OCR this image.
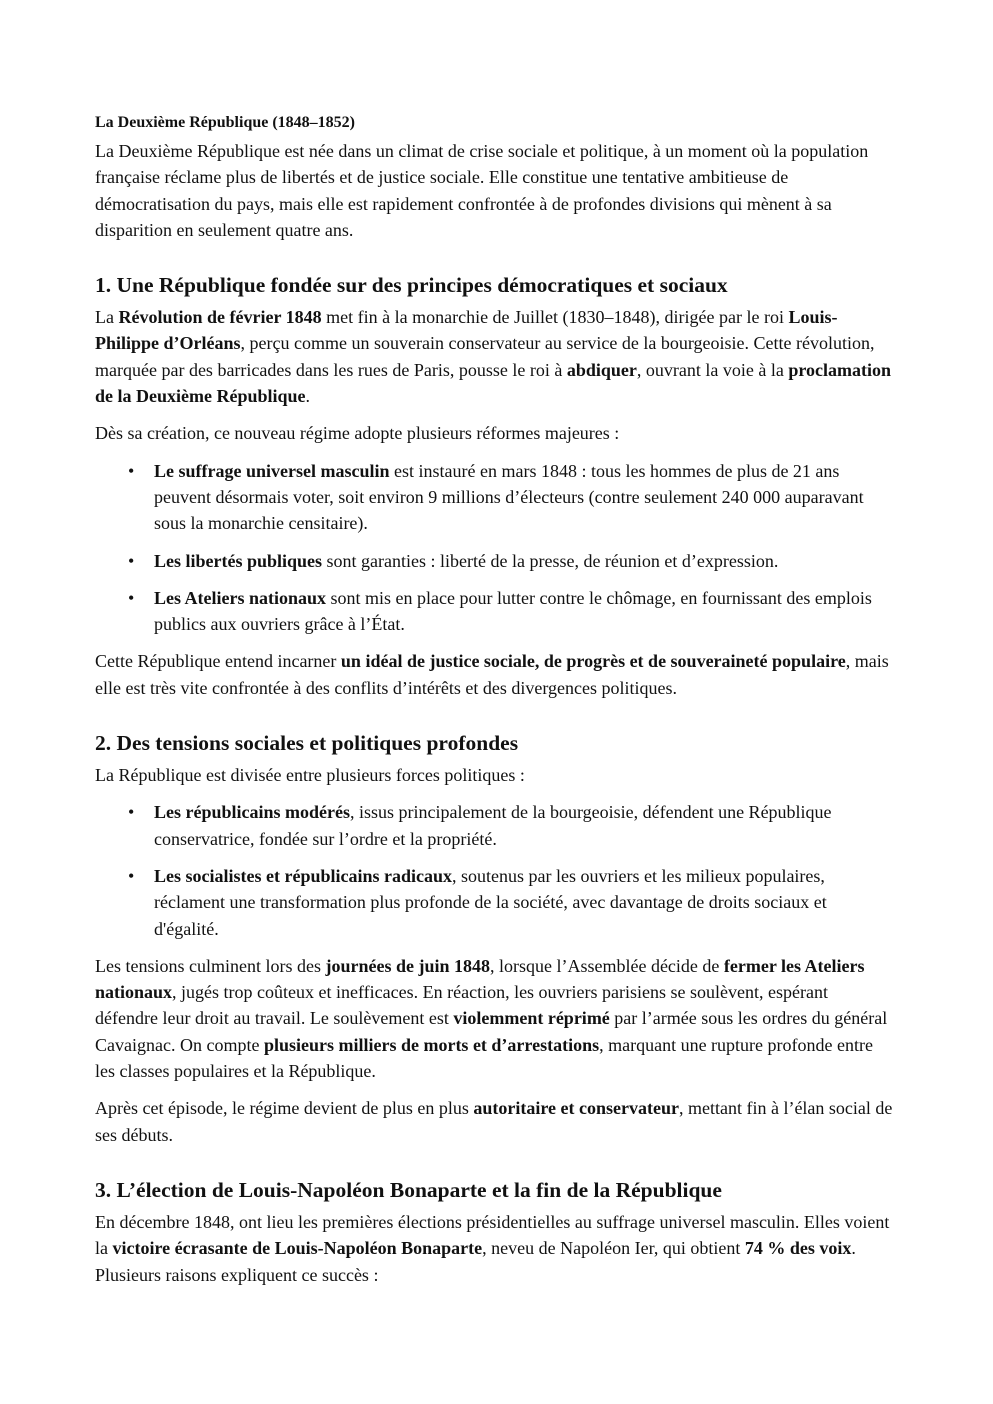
La Deuxième République (1848–1852)

La Deuxième République est née dans un climat de crise sociale et politique, à un moment où la population française réclame plus de libertés et de justice sociale. Elle constitue une tentative ambitieuse de démocratisation du pays, mais elle est rapidement confrontée à de profondes divisions qui mènent à sa disparition en seulement quatre ans.

1. Une République fondée sur des principes démocratiques et sociaux

La Révolution de février 1848 met fin à la monarchie de Juillet (1830–1848), dirigée par le roi Louis-Philippe d’Orléans, perçu comme un souverain conservateur au service de la bourgeoisie. Cette révolution, marquée par des barricades dans les rues de Paris, pousse le roi à abdiquer, ouvrant la voie à la proclamation de la Deuxième République.

Dès sa création, ce nouveau régime adopte plusieurs réformes majeures :

• Le suffrage universel masculin est instauré en mars 1848 : tous les hommes de plus de 21 ans peuvent désormais voter, soit environ 9 millions d’électeurs (contre seulement 240 000 auparavant sous la monarchie censitaire).
• Les libertés publiques sont garanties : liberté de la presse, de réunion et d’expression.
• Les Ateliers nationaux sont mis en place pour lutter contre le chômage, en fournissant des emplois publics aux ouvriers grâce à l’État.

Cette République entend incarner un idéal de justice sociale, de progrès et de souveraineté populaire, mais elle est très vite confrontée à des conflits d’intérêts et des divergences politiques.

2. Des tensions sociales et politiques profondes

La République est divisée entre plusieurs forces politiques :

• Les républicains modérés, issus principalement de la bourgeoisie, défendent une République conservatrice, fondée sur l’ordre et la propriété.
• Les socialistes et républicains radicaux, soutenus par les ouvriers et les milieux populaires, réclament une transformation plus profonde de la société, avec davantage de droits sociaux et d'égalité.

Les tensions culminent lors des journées de juin 1848, lorsque l’Assemblée décide de fermer les Ateliers nationaux, jugés trop coûteux et inefficaces. En réaction, les ouvriers parisiens se soulèvent, espérant défendre leur droit au travail. Le soulèvement est violemment réprimé par l’armée sous les ordres du général Cavaignac. On compte plusieurs milliers de morts et d’arrestations, marquant une rupture profonde entre les classes populaires et la République.

Après cet épisode, le régime devient de plus en plus autoritaire et conservateur, mettant fin à l’élan social de ses débuts.

3. L’élection de Louis-Napoléon Bonaparte et la fin de la République

En décembre 1848, ont lieu les premières élections présidentielles au suffrage universel masculin. Elles voient la victoire écrasante de Louis-Napoléon Bonaparte, neveu de Napoléon Ier, qui obtient 74 % des voix. Plusieurs raisons expliquent ce succès :
